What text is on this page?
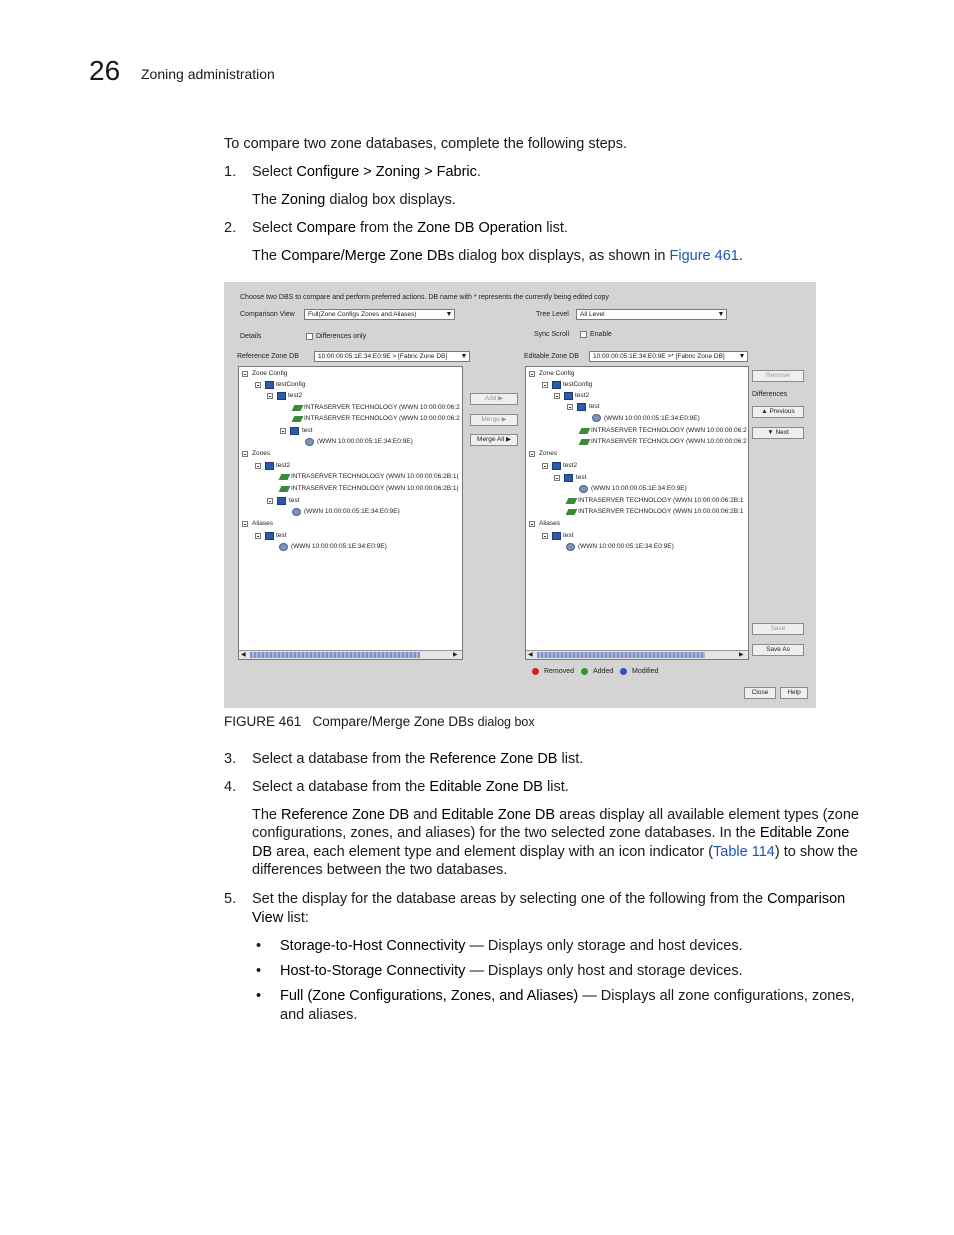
26 Zoning administration
To compare two zone databases, complete the following steps.
1. Select Configure > Zoning > Fabric.
The Zoning dialog box displays.
2. Select Compare from the Zone DB Operation list.
The Compare/Merge Zone DBs dialog box displays, as shown in Figure 461.
Choose two DBS to compare and perform preferred actions. DB name with * represents the currently being edited copy
Comparison View Full(Zone Configs Zones and Aliases)	▼	Tree Level All Level	▼
Details	Differences only	Sync Scroll	Enable
Reference Zone DB	10:00:00:05:1E:34:E0:9E > [Fabric Zone DB] ▼	Editable Zone DB 10:00:00:05:1E:34:E0:9E >* [Fabric Zone DB] ▼
Zone Config
testConfig
test2
INTRASERVER TECHNOLOGY (WWN 10:00:00:06:2
INTRASERVER TECHNOLOGY (WWN 10:00:00:06:2
test
(WWN 10:00:00:05:1E:34:E0:9E)
Zones
test2
INTRASERVER TECHNOLOGY (WWN 10:00:00:06:2B:1(
INTRASERVER TECHNOLOGY (WWN 10:00:00:06:2B:1(
test
(WWN 10:00:00:05:1E:34:E0:9E)
Aliases
test
(WWN 10:00:00:05:1E:34:E0:9E)
◀	▶
Add ▶
Merge ▶
Merge All ▶
Zone Config
testConfig
test2
test
(WWN 10:00:00:05:1E:34:E0:9E)
INTRASERVER TECHNOLOGY (WWN 10:00:00:06:2
INTRASERVER TECHNOLOGY (WWN 10:00:00:06:2
Zones
test2
test
(WWN 10:00:00:05:1E:34:E0:9E)
INTRASERVER TECHNOLOGY (WWN 10:00:00:06:2B:1
INTRASERVER TECHNOLOGY (WWN 10:00:00:06:2B:1
Aliases
test
(WWN 10:00:00:05:1E:34:E0:9E)
◀	▶
Remove
Differences
▲ Previous
▼ Next
Save
Save As
Removed	Added	Modified
Close	Help
FIGURE 461 Compare/Merge Zone DBs dialog box
3. Select a database from the Reference Zone DB list.
4. Select a database from the Editable Zone DB list.
The Reference Zone DB and Editable Zone DB areas display all available element types (zone
configurations, zones, and aliases) for the two selected zone databases. In the Editable Zone
DB area, each element type and element display with an icon indicator (Table 114) to show the
differences between the two databases.
5. Set the display for the database areas by selecting one of the following from the Comparison
View list:
• Storage-to-Host Connectivity — Displays only storage and host devices.
• Host-to-Storage Connectivity — Displays only host and storage devices.
• Full (Zone Configurations, Zones, and Aliases) — Displays all zone configurations, zones,
and aliases.
